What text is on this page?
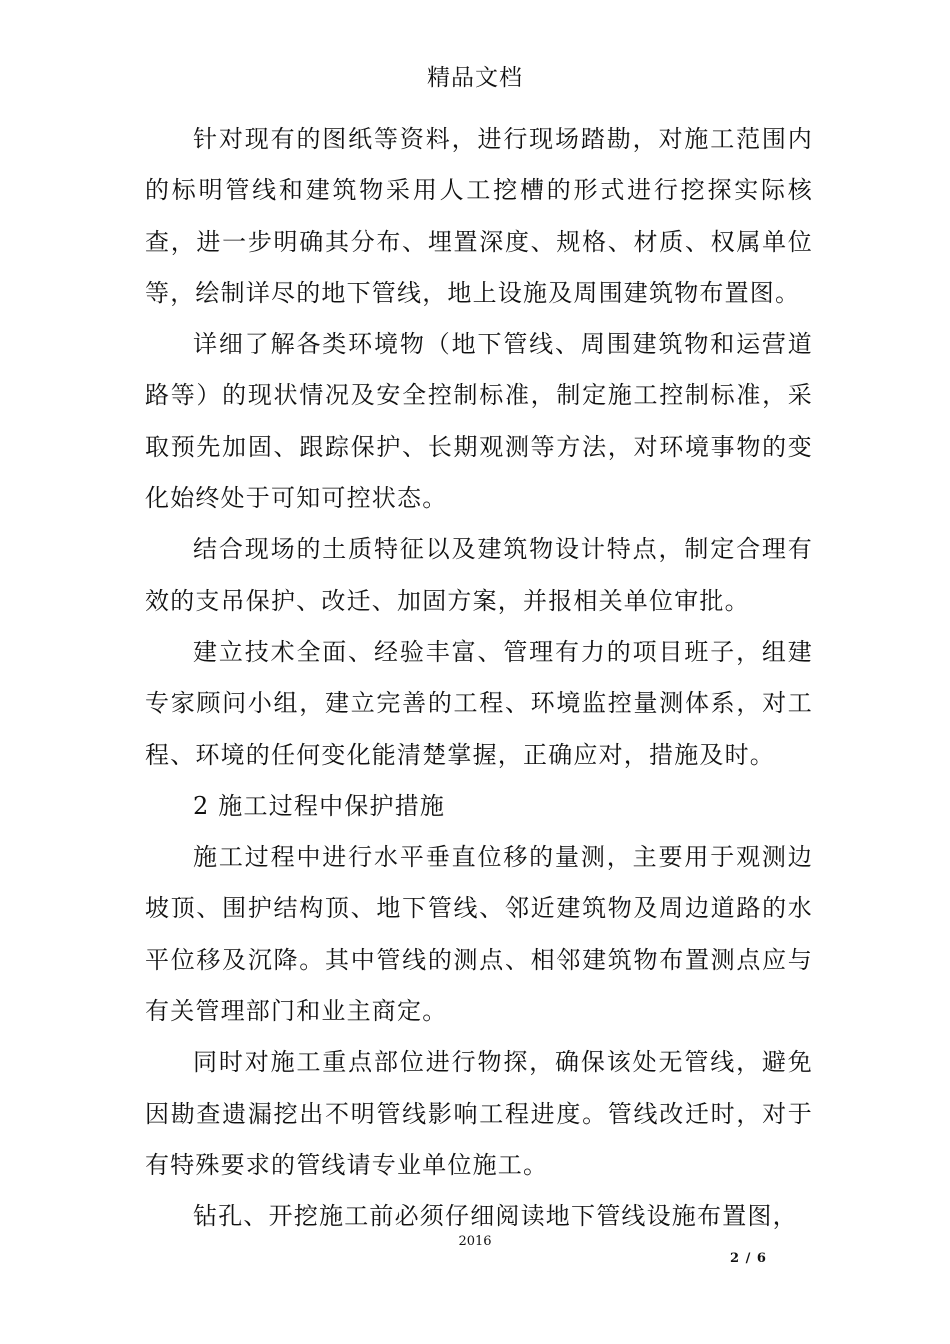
精品文档

针对现有的图纸等资料，进行现场踏勘，对施工范围内的标明管线和建筑物采用人工挖槽的形式进行挖探实际核查，进一步明确其分布、埋置深度、规格、材质、权属单位等，绘制详尽的地下管线，地上设施及周围建筑物布置图。

详细了解各类环境物（地下管线、周围建筑物和运营道路等）的现状情况及安全控制标准，制定施工控制标准，采取预先加固、跟踪保护、长期观测等方法，对环境事物的变化始终处于可知可控状态。

结合现场的土质特征以及建筑物设计特点，制定合理有效的支吊保护、改迁、加固方案，并报相关单位审批。

建立技术全面、经验丰富、管理有力的项目班子，组建专家顾问小组，建立完善的工程、环境监控量测体系，对工程、环境的任何变化能清楚掌握，正确应对，措施及时。

2 施工过程中保护措施

施工过程中进行水平垂直位移的量测，主要用于观测边坡顶、围护结构顶、地下管线、邻近建筑物及周边道路的水平位移及沉降。其中管线的测点、相邻建筑物布置测点应与有关管理部门和业主商定。

同时对施工重点部位进行物探，确保该处无管线，避免因勘查遗漏挖出不明管线影响工程进度。管线改迁时，对于有特殊要求的管线请专业单位施工。

钻孔、开挖施工前必须仔细阅读地下管线设施布置图，

2016
2 / 6
